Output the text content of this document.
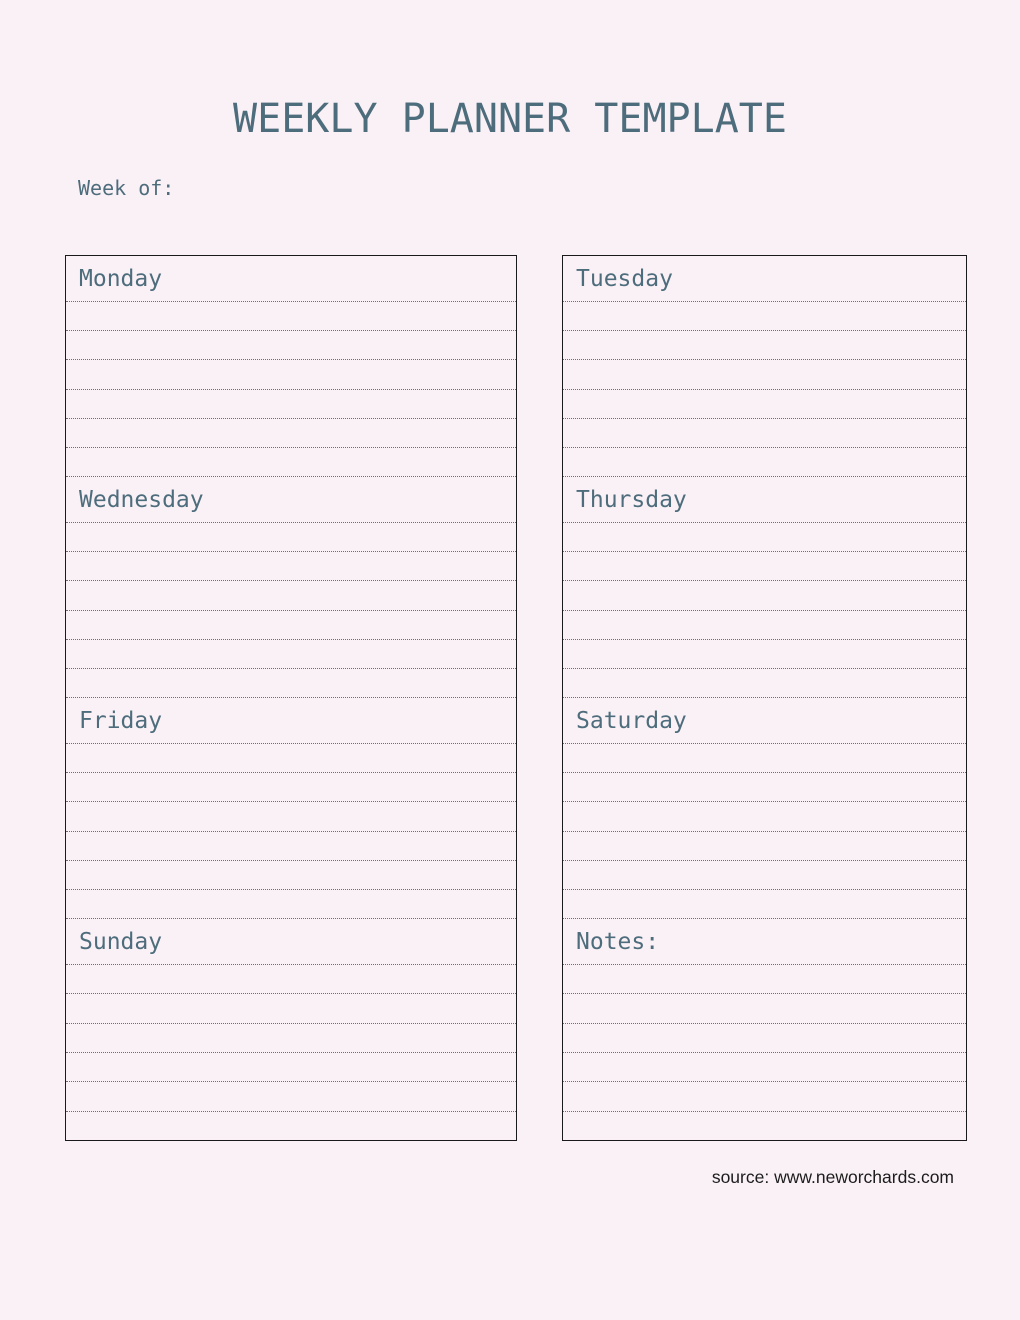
WEEKLY PLANNER TEMPLATE
Week of:
Monday
Wednesday
Friday
Sunday
Tuesday
Thursday
Saturday
Notes:
source: www.neworchards.com
